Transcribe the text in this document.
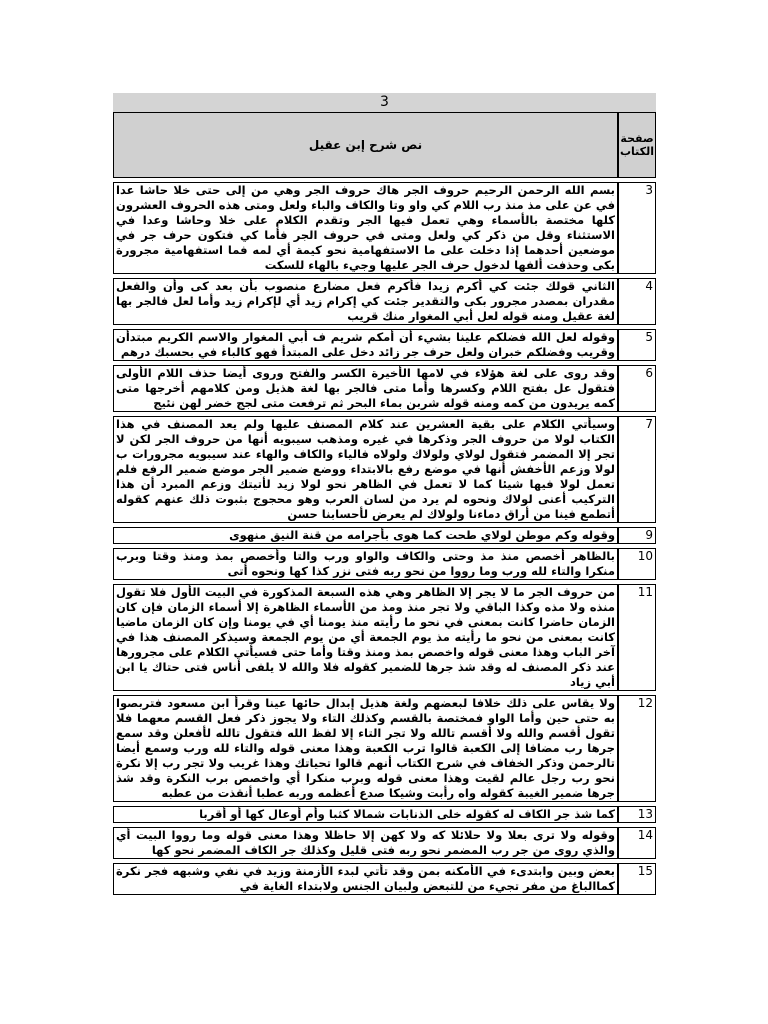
3
نص شرح إبن عقيل	صفحة الكتاب
بسم الله الرحمن الرحيم حروف الجر هاك حروف الجر وهي من إلى حتى خلا حاشا عدا في عن على مذ منذ رب اللام كي واو وتا والكاف والباء ولعل ومتى هذه الحروف العشرون كلها مختصة بالأسماء وهي تعمل فيها الجر وتقدم الكلام على خلا وحاشا وعدا في الاستثناء وقل من ذكر كي ولعل ومتى في حروف الجر فأما كي فتكون حرف جر في موضعين أحدهما إذا دخلت على ما الاستفهامية نحو كيمة أي لمه فما استفهامية مجرورة بكى وحذفت ألفها لدخول حرف الجر عليها وجيء بالهاء للسكت	3
الثاني قولك جئت كي أكرم زيدا فأكرم فعل مضارع منصوب بأن بعد كى وأن والفعل مقدران بمصدر مجرور بكى والتقدير جئت كي إكرام زيد أي لإكرام زيد وأما لعل فالجر بها لغة عقيل ومنه قوله لعل أبي المغوار منك قريب	4
وقوله لعل الله فضلكم علينا بشيء أن أمكم شريم ف أبي المغوار والاسم الكريم مبتدأن وقريب وفضلكم خبران ولعل حرف جر زائد دخل على المبتدأ فهو كالباء في بحسبك درهم	5
وقد روى على لغة هؤلاء في لامها الأخيرة الكسر والفتح وروى أيضا حذف اللام الأولى فتقول عل بفتح اللام وكسرها وأما متى فالجر بها لغة هذيل ومن كلامهم أخرجها متى كمه يريدون من كمه ومنه قوله شربن بماء البحر ثم ترفعت متى لجج خضر لهن نئيج	6
وسيأتي الكلام على بقية العشرين عند كلام المصنف عليها ولم يعد المصنف في هذا الكتاب لولا من حروف الجر وذكرها في غيره ومذهب سيبويه أنها من حروف الجر لكن لا تجر إلا المضمر فتقول لولاي ولولاك ولولاه فالياء والكاف والهاء عند سيبويه مجرورات ب لولا وزعم الأخفش أنها في موضع رفع بالابتداء ووضع ضمير الجر موضع ضمير الرفع فلم تعمل لولا فيها شيئا كما لا تعمل في الظاهر نحو لولا زيد لأتيتك وزعم المبرد أن هذا التركيب أعنى لولاك ونحوه لم يرد من لسان العرب وهو محجوج بثبوت ذلك عنهم كقوله أتطمع فينا من أراق دماءنا ولولاك لم يعرض لأحسابنا حسن	7
وقوله وكم موطن لولاي طحت كما هوى بأجرامه من قنة النيق منهوى	9
بالظاهر أخصص منذ مذ وحتى والكاف والواو ورب والتا وأخصص بمذ ومنذ وقتا وبرب منكرا والتاء لله ورب وما رووا من نحو ربه فتى نزر كذا كها ونحوه أتى	10
من حروف الجر ما لا يجر إلا الظاهر وهي هذه السبعة المذكورة في البيت الأول فلا تقول منذه ولا مذه وكذا الباقي ولا تجر منذ ومذ من الأسماء الظاهرة إلا أسماء الزمان فإن كان الزمان حاضرا كانت بمعنى في نحو ما رأيته منذ يومنا أي في يومنا وإن كان الزمان ماضيا كانت بمعنى من نحو ما رأيته مذ يوم الجمعة أي من يوم الجمعة وسيذكر المصنف هذا في آخر الباب وهذا معنى قوله واخصص بمذ ومنذ وقتا وأما حتى فسيأتي الكلام على مجرورها عند ذكر المصنف له وقد شذ جرها للضمير كقوله فلا والله لا يلفى أناس فتى حتاك يا ابن أبي زياد	11
ولا يقاس على ذلك خلافا لبعضهم ولغة هذيل إبدال حائها عينا وقرأ ابن مسعود فتربصوا به حتى حين وأما الواو فمختصة بالقسم وكذلك التاء ولا يجوز ذكر فعل القسم معهما فلا تقول أقسم والله ولا أقسم تالله ولا تجر التاء إلا لفظ الله فتقول تالله لأفعلن وقد سمع جرها رب مضافا إلى الكعبة قالوا ترب الكعبة وهذا معنى قوله والتاء لله ورب وسمع أيضا تالرحمن وذكر الخفاف في شرح الكتاب أنهم قالوا تحياتك وهذا غريب ولا تجر رب إلا نكرة نحو رب رجل عالم لقيت وهذا معنى قوله وبرب منكرا أي واخصص برب النكرة وقد شذ جرها ضمير الغيبة كقوله واه رأبت وشيكا صدع أعظمه وربه عطبا أنقذت من عطبه	12
كما شذ جر الكاف له كقوله خلى الذنابات شمالا كثبا وأم أوعال كها أو أقربا	13
وقوله ولا ترى بعلا ولا حلائلا كه ولا كهن إلا حاظلا وهذا معنى قوله وما رووا البيت أي والذي روى من جر رب المضمر نحو ربه فتى قليل وكذلك جر الكاف المضمر نحو كها	14
بعض وبين وابتدىء في الأمكنه بمن وقد تأتي لبدء الأزمنة وزيد في نفي وشبهه فجر نكرة كماالباغ من مفر تجيء من للتبعض ولبيان الجنس ولابتداء الغاية في	15
